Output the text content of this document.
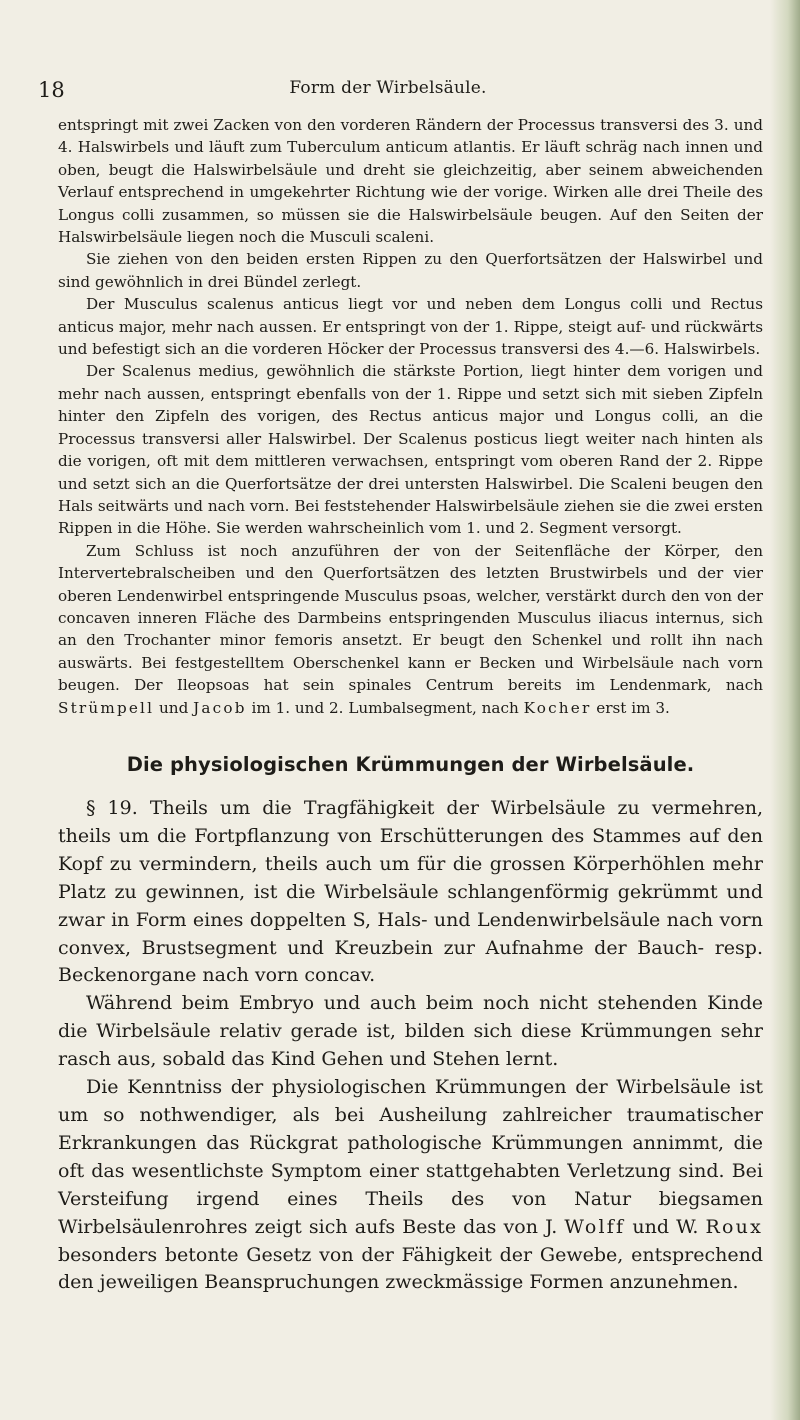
18	Form der Wirbelsäule.

entspringt mit zwei Zacken von den vorderen Rändern der Processus transversi des 3. und 4. Halswirbels und läuft zum Tuberculum anticum atlantis. Er läuft schräg nach innen und oben, beugt die Halswirbelsäule und dreht sie gleichzeitig, aber seinem abweichenden Verlauf entsprechend in umgekehrter Richtung wie der vorige. Wirken alle drei Theile des Longus colli zusammen, so müssen sie die Halswirbelsäule beugen. Auf den Seiten der Halswirbelsäule liegen noch die Musculi scaleni.

Sie ziehen von den beiden ersten Rippen zu den Querfortsätzen der Halswirbel und sind gewöhnlich in drei Bündel zerlegt.

Der Musculus scalenus anticus liegt vor und neben dem Longus colli und Rectus anticus major, mehr nach aussen. Er entspringt von der 1. Rippe, steigt auf- und rückwärts und befestigt sich an die vorderen Höcker der Processus transversi des 4.—6. Halswirbels.

Der Scalenus medius, gewöhnlich die stärkste Portion, liegt hinter dem vorigen und mehr nach aussen, entspringt ebenfalls von der 1. Rippe und setzt sich mit sieben Zipfeln hinter den Zipfeln des vorigen, des Rectus anticus major und Longus colli, an die Processus transversi aller Halswirbel. Der Scalenus posticus liegt weiter nach hinten als die vorigen, oft mit dem mittleren verwachsen, entspringt vom oberen Rand der 2. Rippe und setzt sich an die Querfortsätze der drei untersten Halswirbel. Die Scaleni beugen den Hals seitwärts und nach vorn. Bei feststehender Halswirbelsäule ziehen sie die zwei ersten Rippen in die Höhe. Sie werden wahrscheinlich vom 1. und 2. Segment versorgt.

Zum Schluss ist noch anzuführen der von der Seitenfläche der Körper, den Intervertebralscheiben und den Querfortsätzen des letzten Brustwirbels und der vier oberen Lendenwirbel entspringende Musculus psoas, welcher, verstärkt durch den von der concaven inneren Fläche des Darmbeins entspringenden Musculus iliacus internus, sich an den Trochanter minor femoris ansetzt. Er beugt den Schenkel und rollt ihn nach auswärts. Bei festgestelltem Oberschenkel kann er Becken und Wirbelsäule nach vorn beugen. Der Ileopsoas hat sein spinales Centrum bereits im Lendenmark, nach Strümpell und Jacob im 1. und 2. Lumbalsegment, nach Kocher erst im 3.

Die physiologischen Krümmungen der Wirbelsäule.

§ 19. Theils um die Tragfähigkeit der Wirbelsäule zu vermehren, theils um die Fortpflanzung von Erschütterungen des Stammes auf den Kopf zu vermindern, theils auch um für die grossen Körperhöhlen mehr Platz zu gewinnen, ist die Wirbelsäule schlangenförmig gekrümmt und zwar in Form eines doppelten S, Hals- und Lendenwirbelsäule nach vorn convex, Brustsegment und Kreuzbein zur Aufnahme der Bauch- resp. Beckenorgane nach vorn concav.

Während beim Embryo und auch beim noch nicht stehenden Kinde die Wirbelsäule relativ gerade ist, bilden sich diese Krümmungen sehr rasch aus, sobald das Kind Gehen und Stehen lernt.

Die Kenntniss der physiologischen Krümmungen der Wirbelsäule ist um so nothwendiger, als bei Ausheilung zahlreicher traumatischer Erkrankungen das Rückgrat pathologische Krümmungen annimmt, die oft das wesentlichste Symptom einer stattgehabten Verletzung sind. Bei Versteifung irgend eines Theils des von Natur biegsamen Wirbelsäulenrohres zeigt sich aufs Beste das von J. Wolff und W. Roux besonders betonte Gesetz von der Fähigkeit der Gewebe, entsprechend den jeweiligen Beanspruchungen zweckmässige Formen anzunehmen.
